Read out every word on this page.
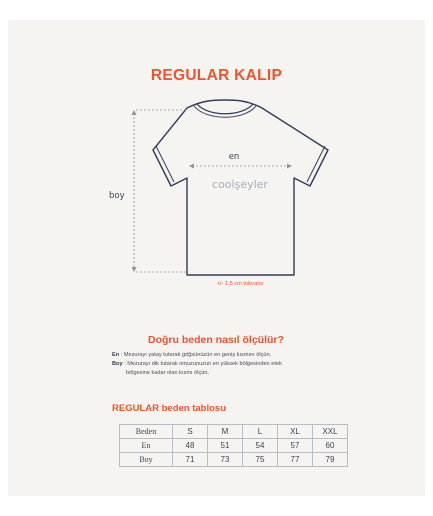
REGULAR KALIP
en
boy
coolşeyler
+/- 1.5 cm tolerans
Doğru beden nasıl ölçülür?
En : Mezurayı yatay tutarak göğsünüzün en geniş kısmını ölçün.
Boy : Mezurayı dik tutarak omuzunuzun en yüksek bölgesinden etek
bölgesine kadar olan kısmı ölçün.
REGULAR beden tablosu
Beden	S	M	L	XL	XXL
En	48	51	54	57	60
Boy	71	73	75	77	79
